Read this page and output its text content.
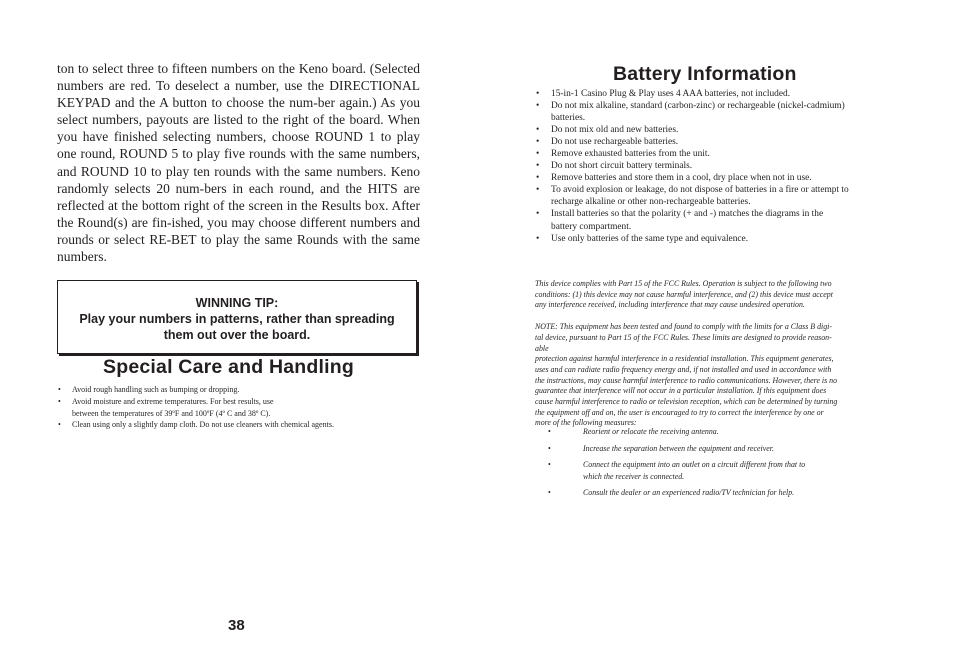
ton to select three to fifteen numbers on the Keno board. (Selected numbers are red. To deselect a number, use the DIRECTIONAL KEYPAD and the A button to choose the num-ber again.) As you select numbers, payouts are listed to the right of the board. When you have finished selecting numbers, choose ROUND 1 to play one round, ROUND 5 to play five rounds with the same numbers, and ROUND 10 to play ten rounds with the same numbers. Keno randomly selects 20 num-bers in each round, and the HITS are reflected at the bottom right of the screen in the Results box. After the Round(s) are fin-ished, you may choose different numbers and rounds or select RE-BET to play the same Rounds with the same numbers.

WINNING TIP:
Play your numbers in patterns, rather than spreading
them out over the board.
Special Care and Handling
• Avoid rough handling such as bumping or dropping.
• Avoid moisture and extreme temperatures. For best results, use
between the temperatures of 39ºF and 100ºF (4º C and 38º C).
• Clean using only a slightly damp cloth. Do not use cleaners with chemical agents.
38
Battery Information
• 15-in-1 Casino Plug & Play uses 4 AAA batteries, not included.
• Do not mix alkaline, standard (carbon-zinc) or rechargeable (nickel-cadmium)
batteries.
• Do not mix old and new batteries.
• Do not use rechargeable batteries.
• Remove exhausted batteries from the unit.
• Do not short circuit battery terminals.
• Remove batteries and store them in a cool, dry place when not in use.
• To avoid explosion or leakage, do not dispose of batteries in a fire or attempt to
recharge alkaline or other non-rechargeable batteries.
• Install batteries so that the polarity (+ and -) matches the diagrams in the
battery compartment.
• Use only batteries of the same type and equivalence.

This device complies with Part 15 of the FCC Rules. Operation is subject to the following two

conditions: (1) this device may not cause harmful interference, and (2) this device must accept

any interference received, including interference that may cause undesired operation.

NOTE: This equipment has been tested and found to comply with the limits for a Class B digi-

tal device, pursuant to Part 15 of the FCC Rules. These limits are designed to provide reason-

able

protection against harmful interference in a residential installation. This equipment generates,

uses and can radiate radio frequency energy and, if not installed and used in accordance with

the instructions, may cause harmful interference to radio communications. However, there is no

guarantee that interference will not occur in a particular installation. If this equipment does

cause harmful interference to radio or television reception, which can be determined by turning

the equipment off and on, the user is encouraged to try to correct the interference by one or

more of the following measures:

•	Reorient or relocate the receiving antenna.
•	Increase the separation between the equipment and receiver.
•	Connect the equipment into an outlet on a circuit different from that to
which the receiver is connected.
•	Consult the dealer or an experienced radio/TV technician for help.
